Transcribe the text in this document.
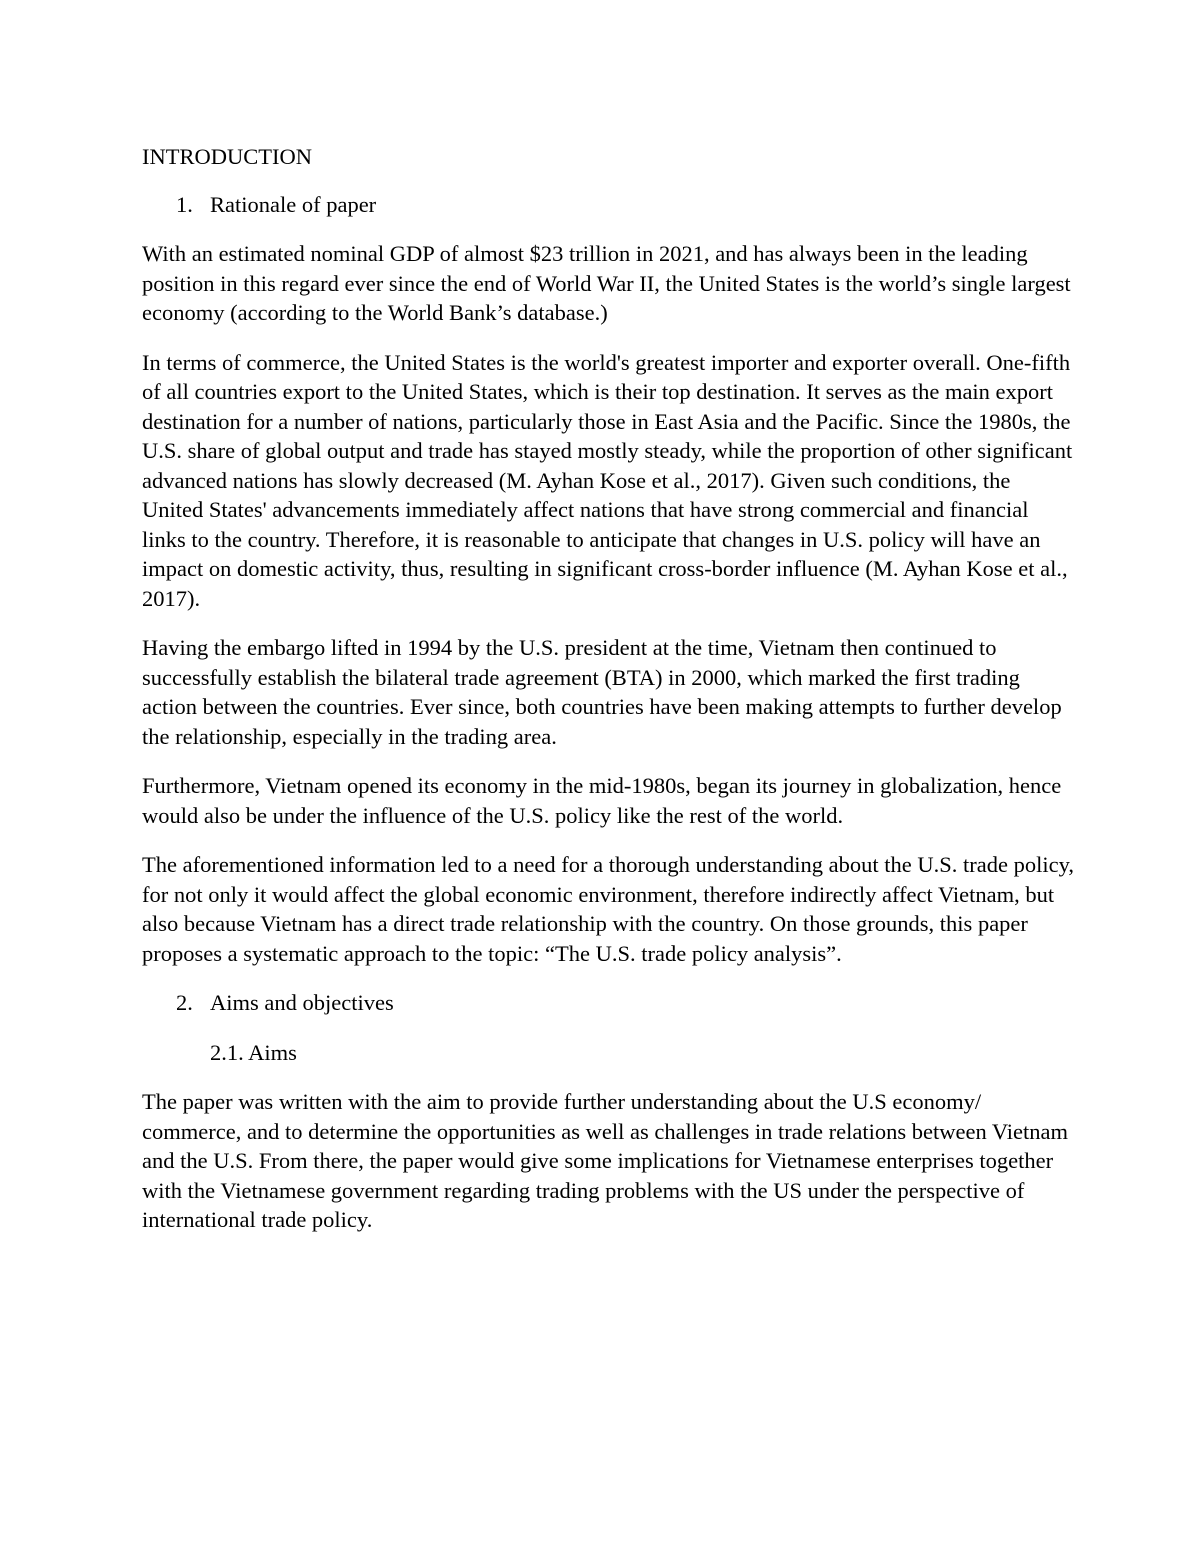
INTRODUCTION
1. Rationale of paper

With an estimated nominal GDP of almost $23 trillion in 2021, and has always been in the leading position in this regard ever since the end of World War II, the United States is the world’s single largest economy (according to the World Bank’s database.)

In terms of commerce, the United States is the world's greatest importer and exporter overall. One-fifth of all countries export to the United States, which is their top destination. It serves as the main export destination for a number of nations, particularly those in East Asia and the Pacific. Since the 1980s, the U.S. share of global output and trade has stayed mostly steady, while the proportion of other significant advanced nations has slowly decreased (M. Ayhan Kose et al., 2017). Given such conditions, the United States' advancements immediately affect nations that have strong commercial and financial links to the country. Therefore, it is reasonable to anticipate that changes in U.S. policy will have an impact on domestic activity, thus, resulting in significant cross-border influence (M. Ayhan Kose et al., 2017).

Having the embargo lifted in 1994 by the U.S. president at the time, Vietnam then continued to successfully establish the bilateral trade agreement (BTA) in 2000, which marked the first trading action between the countries. Ever since, both countries have been making attempts to further develop the relationship, especially in the trading area.

Furthermore, Vietnam opened its economy in the mid-1980s, began its journey in globalization, hence would also be under the influence of the U.S. policy like the rest of the world.

The aforementioned information led to a need for a thorough understanding about the U.S. trade policy, for not only it would affect the global economic environment, therefore indirectly affect Vietnam, but also because Vietnam has a direct trade relationship with the country. On those grounds, this paper proposes a systematic approach to the topic: “The U.S. trade policy analysis”.

2. Aims and objectives
2.1. Aims

The paper was written with the aim to provide further understanding about the U.S economy/ commerce, and to determine the opportunities as well as challenges in trade relations between Vietnam and the U.S. From there, the paper would give some implications for Vietnamese enterprises together with the Vietnamese government regarding trading problems with the US under the perspective of international trade policy.
